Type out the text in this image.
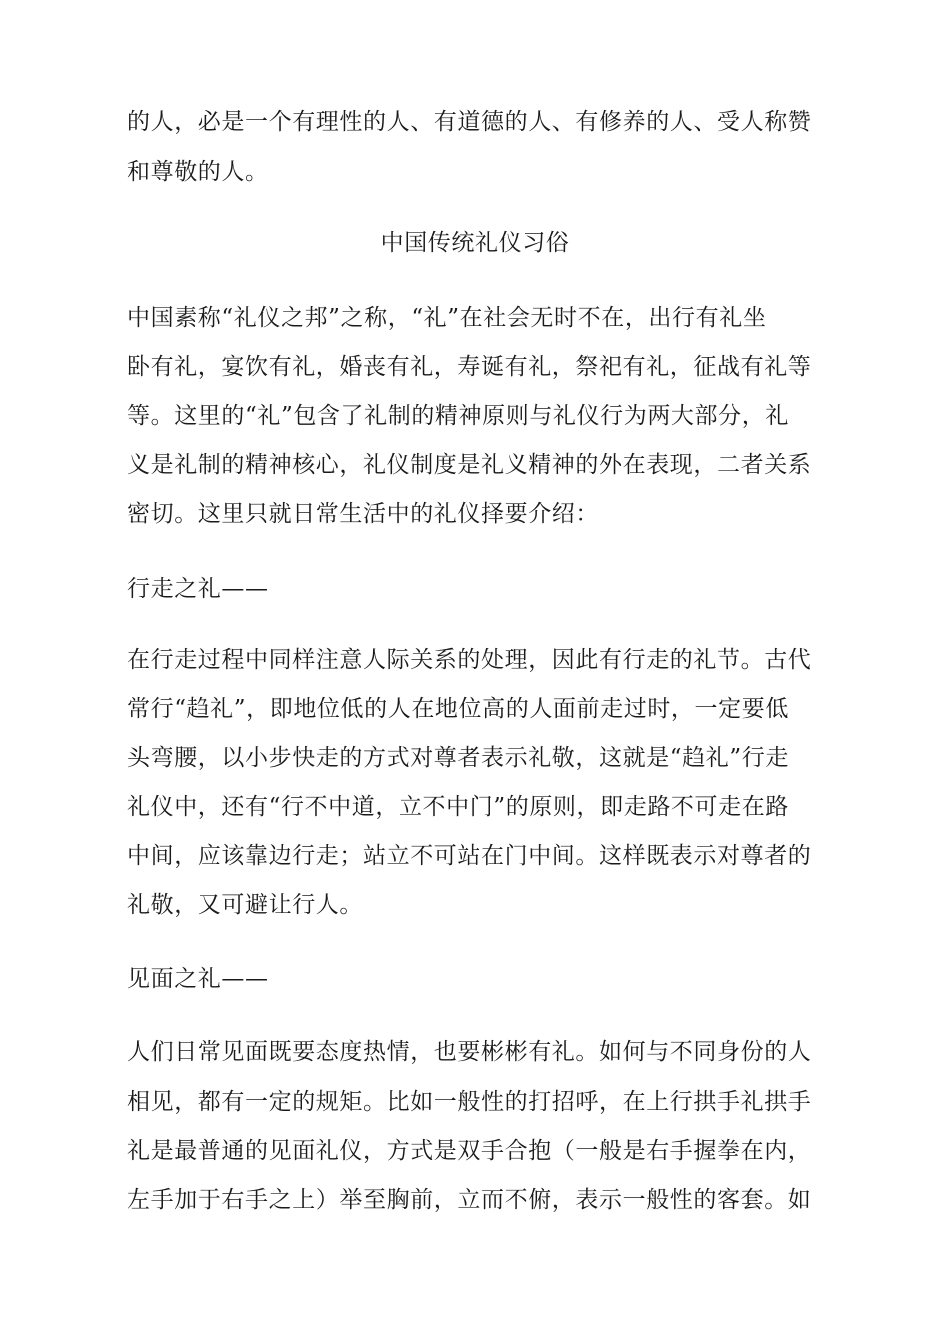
的人，必是一个有理性的人、有道德的人、有修养的人、受人称赞
和尊敬的人。
中国传统礼仪习俗
中国素称“礼仪之邦”之称，“礼”在社会无时不在，出行有礼坐
卧有礼，宴饮有礼，婚丧有礼，寿诞有礼，祭祀有礼，征战有礼等
等。这里的“礼”包含了礼制的精神原则与礼仪行为两大部分，礼
义是礼制的精神核心，礼仪制度是礼义精神的外在表现，二者关系
密切。这里只就日常生活中的礼仪择要介绍：
行走之礼——
在行走过程中同样注意人际关系的处理，因此有行走的礼节。古代
常行“趋礼”，即地位低的人在地位高的人面前走过时，一定要低
头弯腰，以小步快走的方式对尊者表示礼敬，这就是“趋礼”行走
礼仪中，还有“行不中道，立不中门”的原则，即走路不可走在路
中间，应该靠边行走；站立不可站在门中间。这样既表示对尊者的
礼敬，又可避让行人。
见面之礼——
人们日常见面既要态度热情，也要彬彬有礼。如何与不同身份的人
相见，都有一定的规矩。比如一般性的打招呼，在上行拱手礼拱手
礼是最普通的见面礼仪，方式是双手合抱（一般是右手握拳在内，
左手加于右手之上）举至胸前，立而不俯，表示一般性的客套。如
